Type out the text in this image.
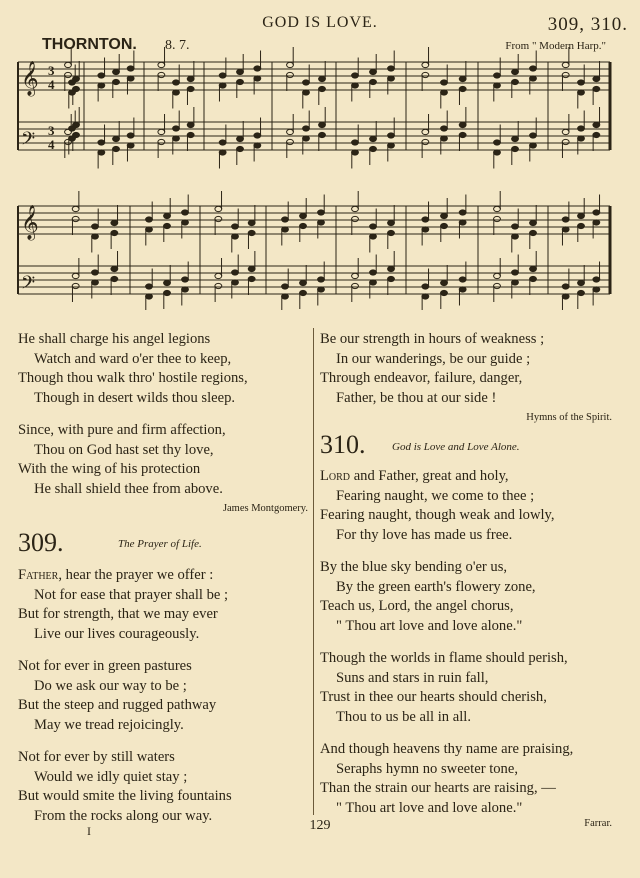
GOD IS LOVE.	309, 310.
THORNTON. 8. 7.	From " Modern Harp."
𝄞
𝄢
3
4
3
4
𝄞
𝄢
He shall charge his angel legions
Watch and ward o'er thee to keep,
Though thou walk thro' hostile regions,
Though in desert wilds thou sleep.
Since, with pure and firm affection,
Thou on God hast set thy love,
With the wing of his protection
He shall shield thee from above.
James Montgomery.
309.	The Prayer of Life.
Father, hear the prayer we offer :
Not for ease that prayer shall be ;
But for strength, that we may ever
Live our lives courageously.
Not for ever in green pastures
Do we ask our way to be ;
But the steep and rugged pathway
May we tread rejoicingly.
Not for ever by still waters
Would we idly quiet stay ;
But would smite the living fountains
From the rocks along our way.
Be our strength in hours of weakness ;
In our wanderings, be our guide ;
Through endeavor, failure, danger,
Father, be thou at our side !
Hymns of the Spirit.
310. God is Love and Love Alone.
Lord and Father, great and holy,
Fearing naught, we come to thee ;
Fearing naught, though weak and lowly,
For thy love has made us free.
By the blue sky bending o'er us,
By the green earth's flowery zone,
Teach us, Lord, the angel chorus,
" Thou art love and love alone."
Though the worlds in flame should perish,
Suns and stars in ruin fall,
Trust in thee our hearts should cherish,
Thou to us be all in all.
And though heavens thy name are praising,
Seraphs hymn no sweeter tone,
Than the strain our hearts are raising, —
" Thou art love and love alone."
Farrar.
129
I
